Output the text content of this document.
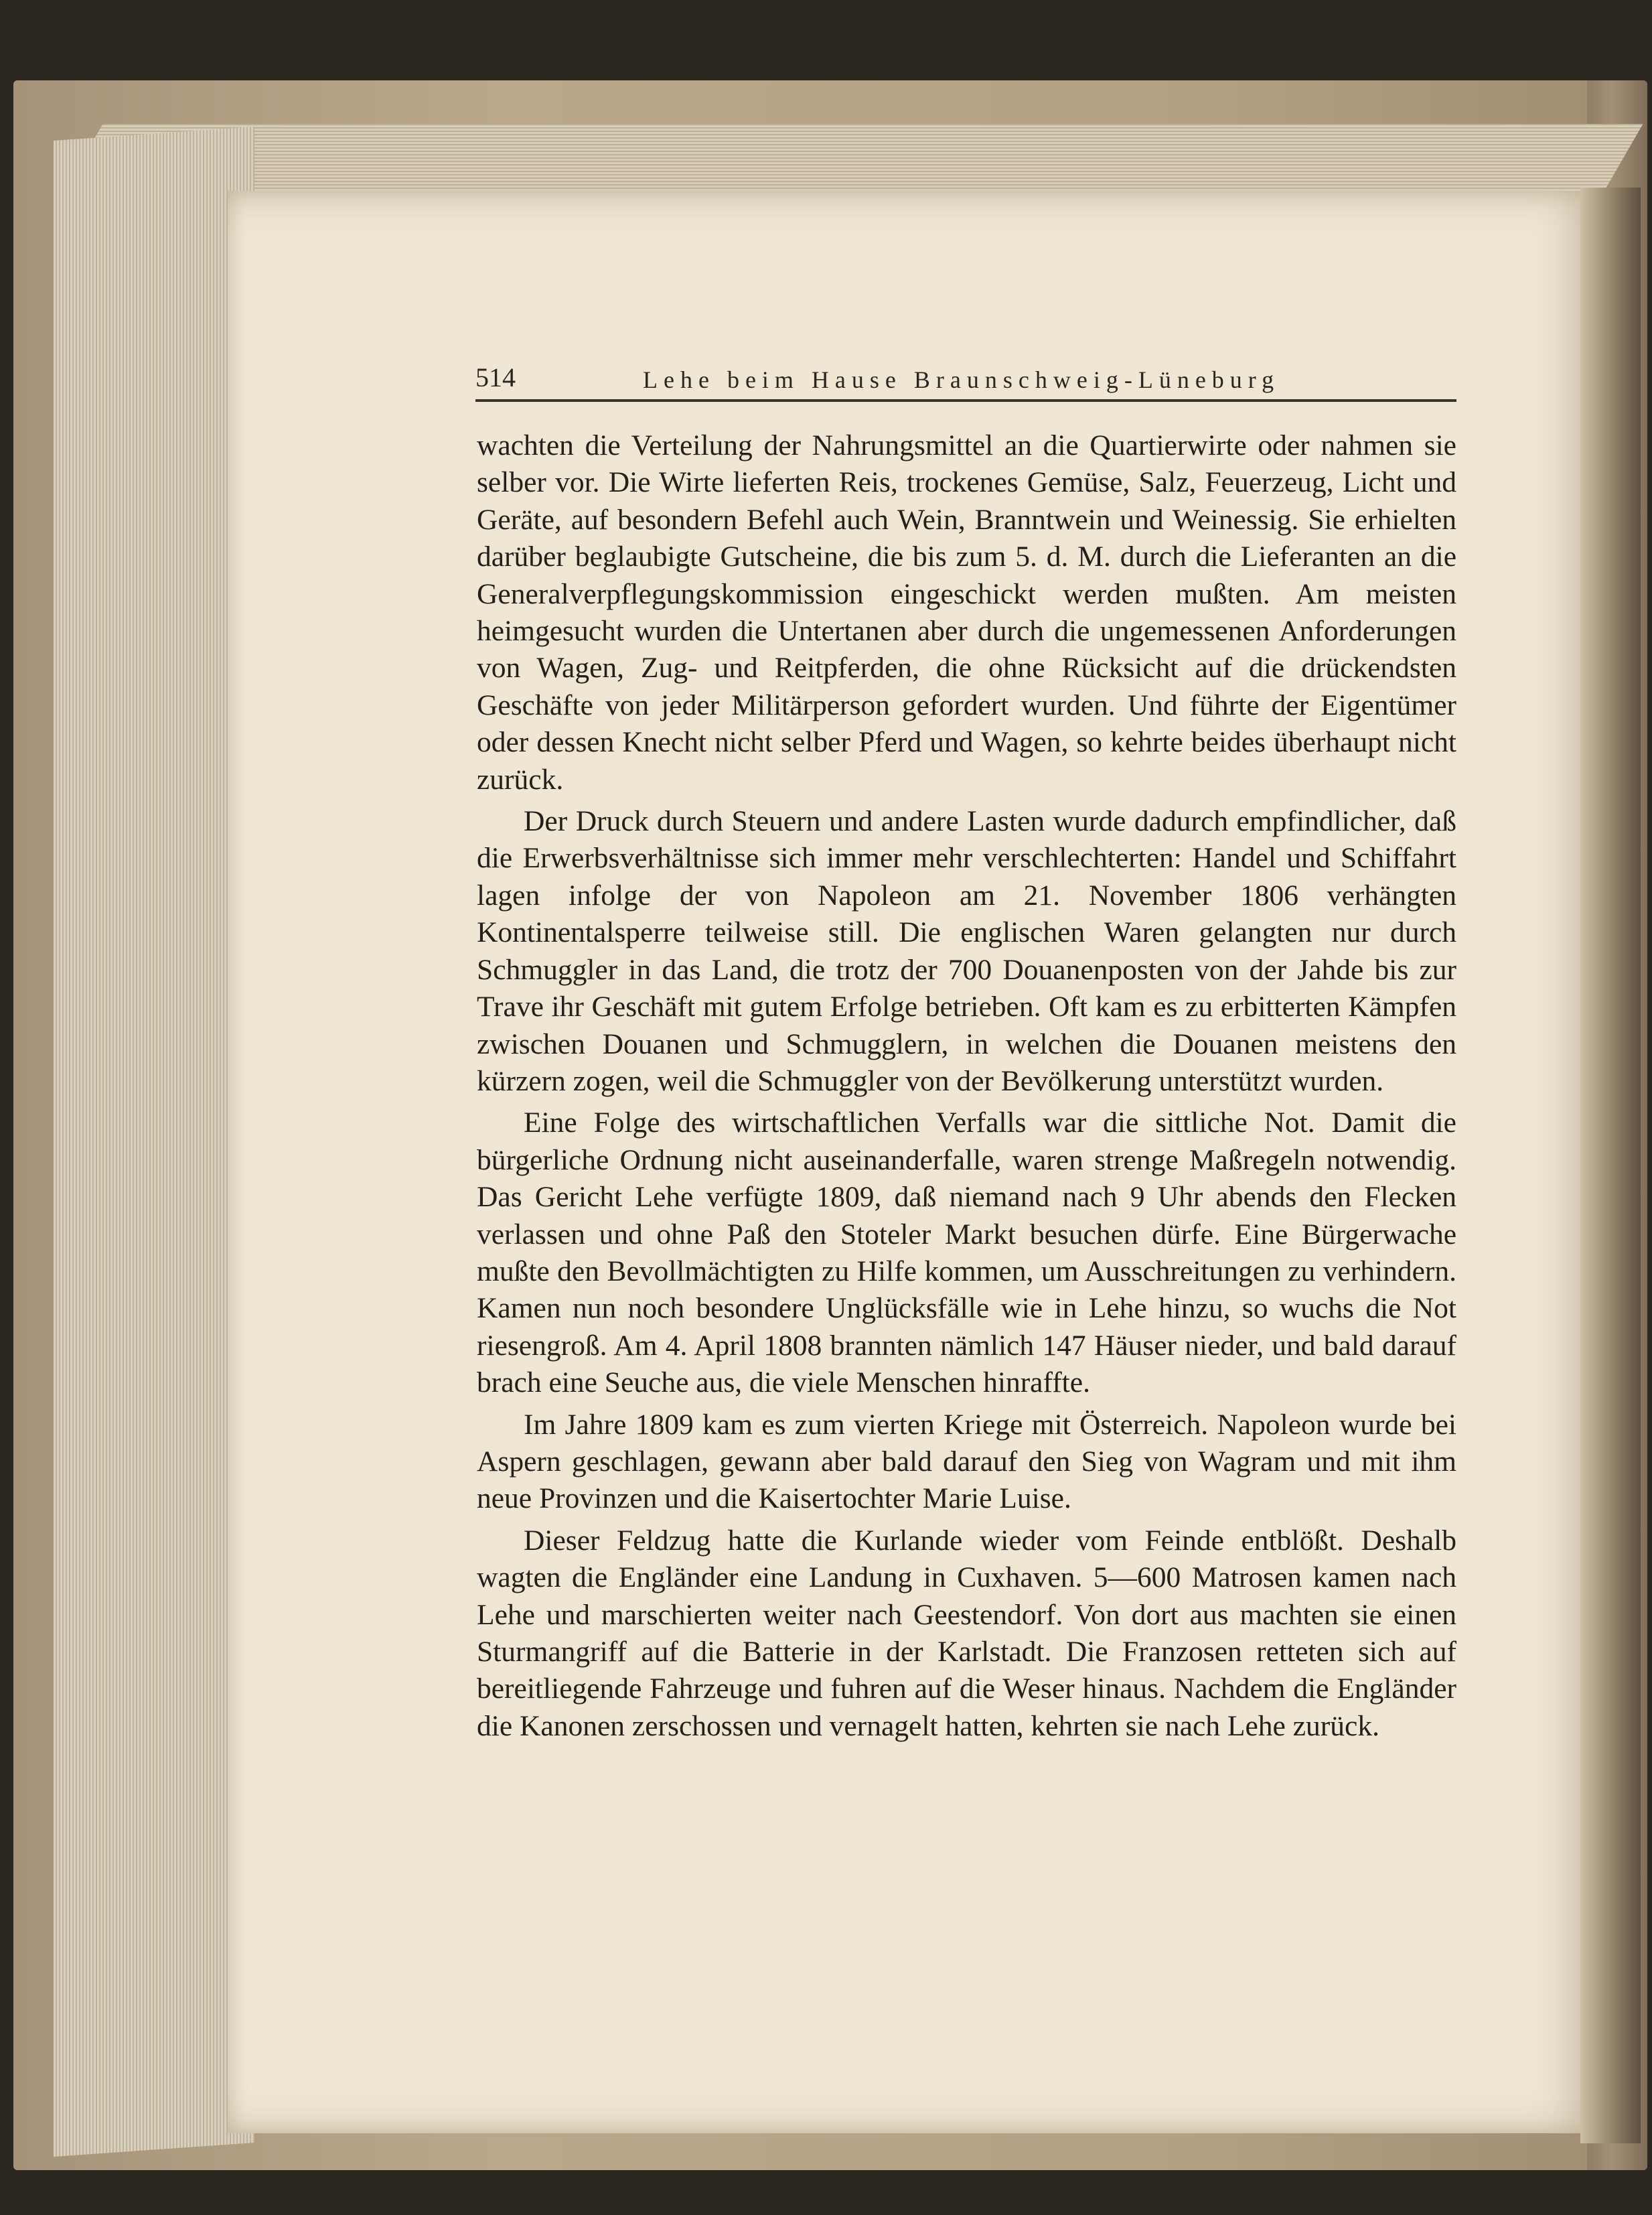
514	Lehe beim Hause Braunschweig-Lüneburg

wachten die Verteilung der Nahrungsmittel an die Quartierwirte oder nahmen sie selber vor. Die Wirte lieferten Reis, trockenes Gemüse, Salz, Feuerzeug, Licht und Geräte, auf besondern Befehl auch Wein, Branntwein und Weinessig. Sie erhielten darüber beglaubigte Gutscheine, die bis zum 5. d. M. durch die Lieferanten an die Generalverpflegungskommission eingeschickt werden mußten. Am meisten heimgesucht wurden die Untertanen aber durch die ungemessenen Anforderungen von Wagen, Zug- und Reitpferden, die ohne Rücksicht auf die drückendsten Geschäfte von jeder Militärperson gefordert wurden. Und führte der Eigentümer oder dessen Knecht nicht selber Pferd und Wagen, so kehrte beides überhaupt nicht zurück.

Der Druck durch Steuern und andere Lasten wurde dadurch empfindlicher, daß die Erwerbsverhältnisse sich immer mehr verschlechterten: Handel und Schiffahrt lagen infolge der von Napoleon am 21. November 1806 verhängten Kontinentalsperre teilweise still. Die englischen Waren gelangten nur durch Schmuggler in das Land, die trotz der 700 Douanenposten von der Jahde bis zur Trave ihr Geschäft mit gutem Erfolge betrieben. Oft kam es zu erbitterten Kämpfen zwischen Douanen und Schmugglern, in welchen die Douanen meistens den kürzern zogen, weil die Schmuggler von der Bevölkerung unterstützt wurden.

Eine Folge des wirtschaftlichen Verfalls war die sittliche Not. Damit die bürgerliche Ordnung nicht auseinanderfalle, waren strenge Maßregeln notwendig. Das Gericht Lehe verfügte 1809, daß niemand nach 9 Uhr abends den Flecken verlassen und ohne Paß den Stoteler Markt besuchen dürfe. Eine Bürgerwache mußte den Bevollmächtigten zu Hilfe kommen, um Ausschreitungen zu verhindern. Kamen nun noch besondere Unglücksfälle wie in Lehe hinzu, so wuchs die Not riesengroß. Am 4. April 1808 brannten nämlich 147 Häuser nieder, und bald darauf brach eine Seuche aus, die viele Menschen hinraffte.

Im Jahre 1809 kam es zum vierten Kriege mit Österreich. Napoleon wurde bei Aspern geschlagen, gewann aber bald darauf den Sieg von Wagram und mit ihm neue Provinzen und die Kaisertochter Marie Luise.

Dieser Feldzug hatte die Kurlande wieder vom Feinde entblößt. Deshalb wagten die Engländer eine Landung in Cuxhaven. 5—600 Matrosen kamen nach Lehe und marschierten weiter nach Geestendorf. Von dort aus machten sie einen Sturmangriff auf die Batterie in der Karlstadt. Die Franzosen retteten sich auf bereitliegende Fahrzeuge und fuhren auf die Weser hinaus. Nachdem die Engländer die Kanonen zerschossen und vernagelt hatten, kehrten sie nach Lehe zurück.
